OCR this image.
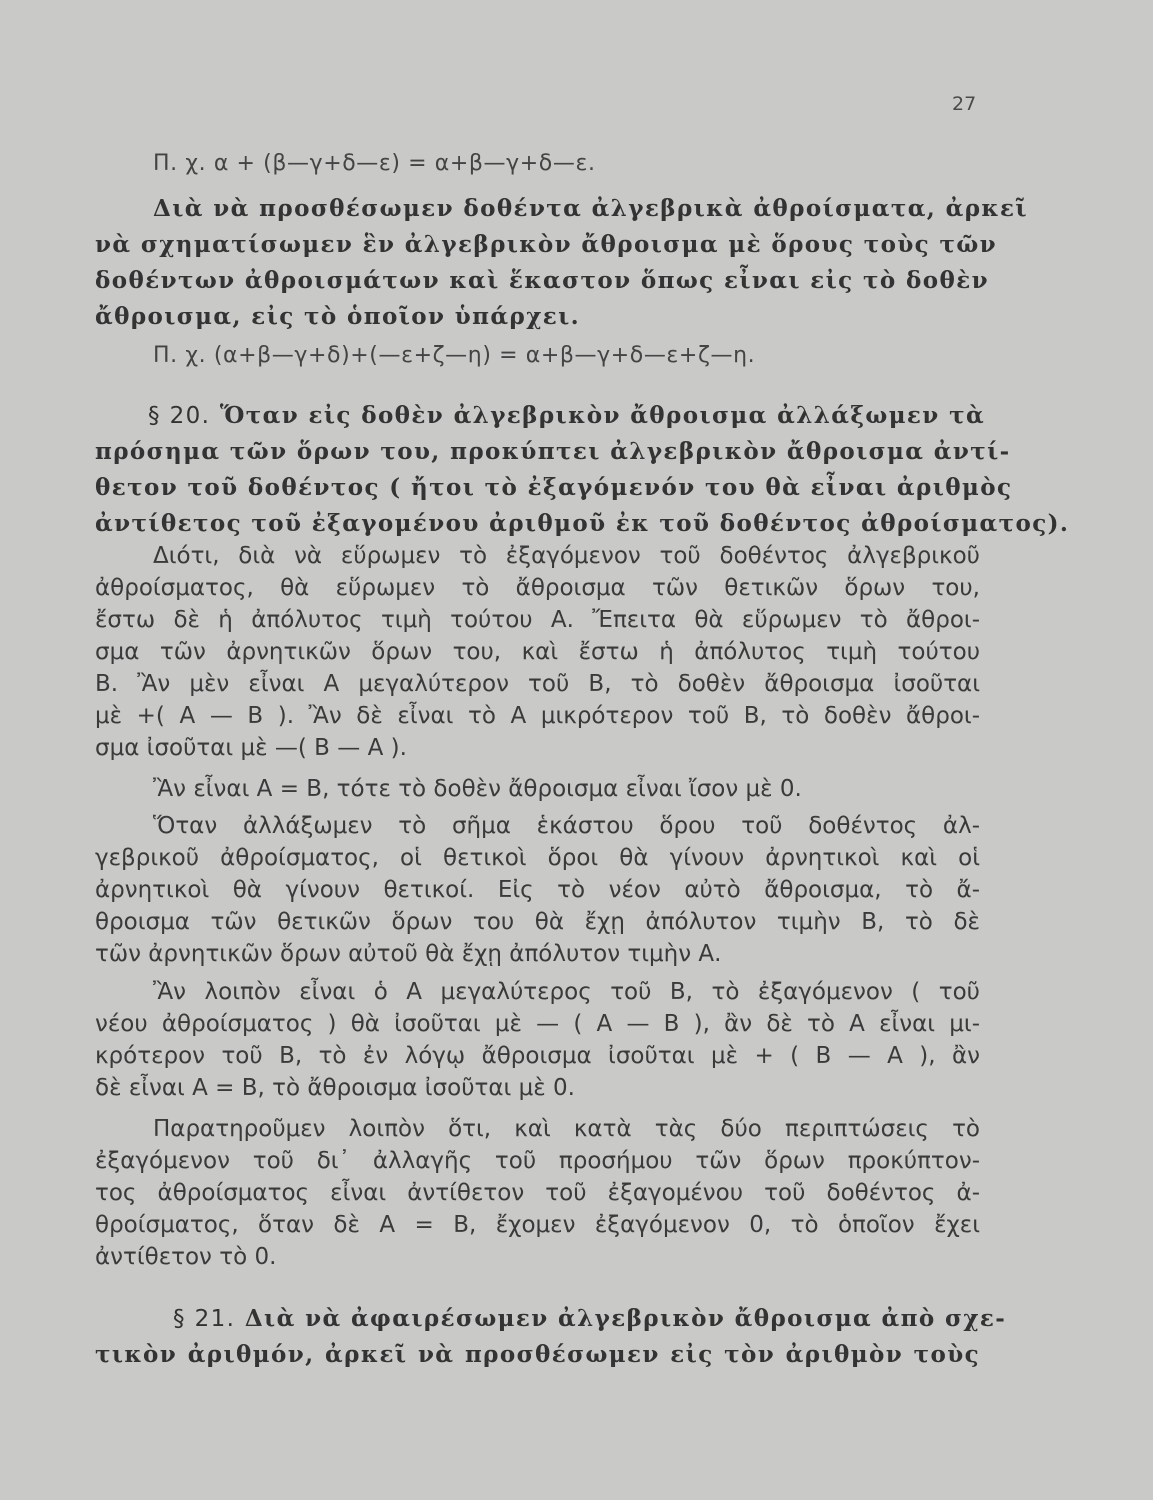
27
Π. χ. α + (β—γ+δ—ε) = α+β—γ+δ—ε.
Διὰ νὰ προσθέσωμεν δοθέντα ἀλγεβρικὰ ἀθροίσματα, ἀρκεῖ
νὰ σχηματίσωμεν ἓν ἀλγεβρικὸν ἄθροισμα μὲ ὅρους τοὺς τῶν
δοθέντων ἀθροισμάτων καὶ ἕκαστον ὅπως εἶναι εἰς τὸ δοθὲν
ἄθροισμα, εἰς τὸ ὁποῖον ὑπάρχει.
Π. χ. (α+β—γ+δ)+(—ε+ζ—η) = α+β—γ+δ—ε+ζ—η.
§ 20. Ὅταν εἰς δοθὲν ἀλγεβρικὸν ἄθροισμα ἀλλάξωμεν τὰ
πρόσημα τῶν ὅρων του, προκύπτει ἀλγεβρικὸν ἄθροισμα ἀντί-
θετον τοῦ δοθέντος ( ἤτοι τὸ ἐξαγόμενόν του θὰ εἶναι ἀριθμὸς
ἀντίθετος τοῦ ἐξαγομένου ἀριθμοῦ ἐκ τοῦ δοθέντος ἀθροίσματος).
Διότι, διὰ νὰ εὕρωμεν τὸ ἐξαγόμενον τοῦ δοθέντος ἀλγεβρικοῦ
ἀθροίσματος, θὰ εὕρωμεν τὸ ἄθροισμα τῶν θετικῶν ὅρων του,
ἔστω δὲ ἡ ἀπόλυτος τιμὴ τούτου Α. Ἔπειτα θὰ εὕρωμεν τὸ ἄθροι-
σμα τῶν ἀρνητικῶν ὅρων του, καὶ ἔστω ἡ ἀπόλυτος τιμὴ τούτου
Β. Ἂν μὲν εἶναι Α μεγαλύτερον τοῦ Β, τὸ δοθὲν ἄθροισμα ἰσοῦται
μὲ +( Α — Β ). Ἂν δὲ εἶναι τὸ Α μικρότερον τοῦ Β, τὸ δοθὲν ἄθροι-
σμα ἰσοῦται μὲ —( Β — Α ).
Ἂν εἶναι Α = Β, τότε τὸ δοθὲν ἄθροισμα εἶναι ἴσον μὲ 0.
Ὅταν ἀλλάξωμεν τὸ σῆμα ἑκάστου ὅρου τοῦ δοθέντος ἀλ-
γεβρικοῦ ἀθροίσματος, οἱ θετικοὶ ὅροι θὰ γίνουν ἀρνητικοὶ καὶ οἱ
ἀρνητικοὶ θὰ γίνουν θετικοί. Εἰς τὸ νέον αὐτὸ ἄθροισμα, τὸ ἄ-
θροισμα τῶν θετικῶν ὅρων του θὰ ἔχῃ ἀπόλυτον τιμὴν Β, τὸ δὲ
τῶν ἀρνητικῶν ὅρων αὐτοῦ θὰ ἔχῃ ἀπόλυτον τιμὴν Α.
Ἂν λοιπὸν εἶναι ὁ Α μεγαλύτερος τοῦ Β, τὸ ἐξαγόμενον ( τοῦ
νέου ἀθροίσματος ) θὰ ἰσοῦται μὲ — ( Α — Β ), ἂν δὲ τὸ Α εἶναι μι-
κρότερον τοῦ Β, τὸ ἐν λόγῳ ἄθροισμα ἰσοῦται μὲ + ( Β — Α ), ἂν
δὲ εἶναι Α = Β, τὸ ἄθροισμα ἰσοῦται μὲ 0.
Παρατηροῦμεν λοιπὸν ὅτι, καὶ κατὰ τὰς δύο περιπτώσεις τὸ
ἐξαγόμενον τοῦ δι᾽ ἀλλαγῆς τοῦ προσήμου τῶν ὅρων προκύπτον-
τος ἀθροίσματος εἶναι ἀντίθετον τοῦ ἐξαγομένου τοῦ δοθέντος ἀ-
θροίσματος, ὅταν δὲ Α = Β, ἔχομεν ἐξαγόμενον 0, τὸ ὁποῖον ἔχει
ἀντίθετον τὸ 0.
§ 21. Διὰ νὰ ἀφαιρέσωμεν ἀλγεβρικὸν ἄθροισμα ἀπὸ σχε-
τικὸν ἀριθμόν, ἀρκεῖ νὰ προσθέσωμεν εἰς τὸν ἀριθμὸν τοὺς
